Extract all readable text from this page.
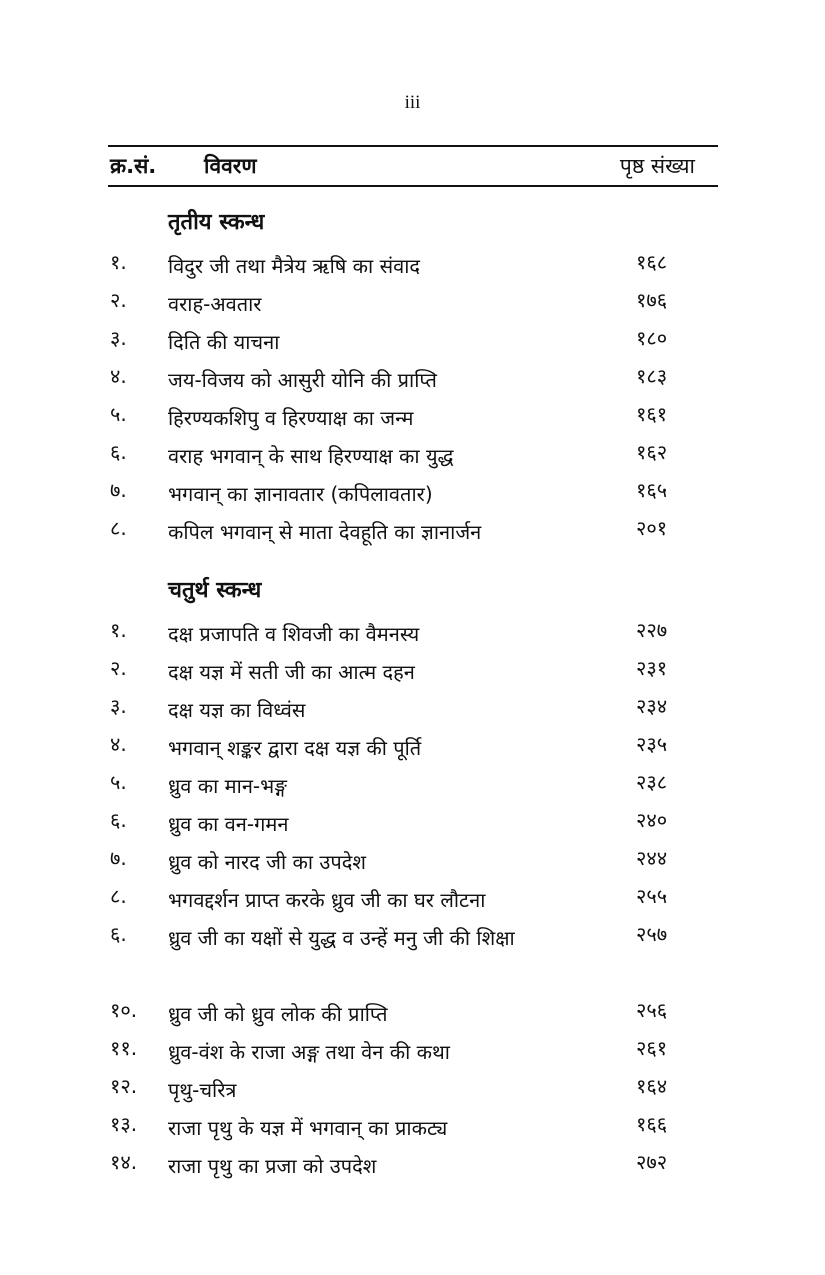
iii
क्र.सं. विवरण	पृष्ठ संख्या
तृतीय स्कन्ध
१. विदुर जी तथा मैत्रेय ऋषि का संवाद	१६८
२. वराह-अवतार	१७६
३. दिति की याचना	१८०
४. जय-विजय को आसुरी योनि की प्राप्ति	१८३
५. हिरण्यकशिपु व हिरण्याक्ष का जन्म	१६१
६. वराह भगवान् के साथ हिरण्याक्ष का युद्ध	१६२
७. भगवान् का ज्ञानावतार (कपिलावतार)	१६५
८. कपिल भगवान् से माता देवहूति का ज्ञानार्जन	२०१
चतुर्थ स्कन्ध
१. दक्ष प्रजापति व शिवजी का वैमनस्य	२२७
२. दक्ष यज्ञ में सती जी का आत्म दहन	२३१
३. दक्ष यज्ञ का विध्वंस	२३४
४. भगवान् शङ्कर द्वारा दक्ष यज्ञ की पूर्ति	२३५
५. ध्रुव का मान-भङ्ग	२३८
६. ध्रुव का वन-गमन	२४०
७. ध्रुव को नारद जी का उपदेश	२४४
८. भगवद्दर्शन प्राप्त करके ध्रुव जी का घर लौटना	२५५
६. ध्रुव जी का यक्षों से युद्ध व उन्हें मनु जी की शिक्षा	२५७
१०. ध्रुव जी को ध्रुव लोक की प्राप्ति	२५६
११. ध्रुव-वंश के राजा अङ्ग तथा वेन की कथा	२६१
१२. पृथु-चरित्र	१६४
१३. राजा पृथु के यज्ञ में भगवान् का प्राकट्य	१६६
१४. राजा पृथु का प्रजा को उपदेश	२७२
